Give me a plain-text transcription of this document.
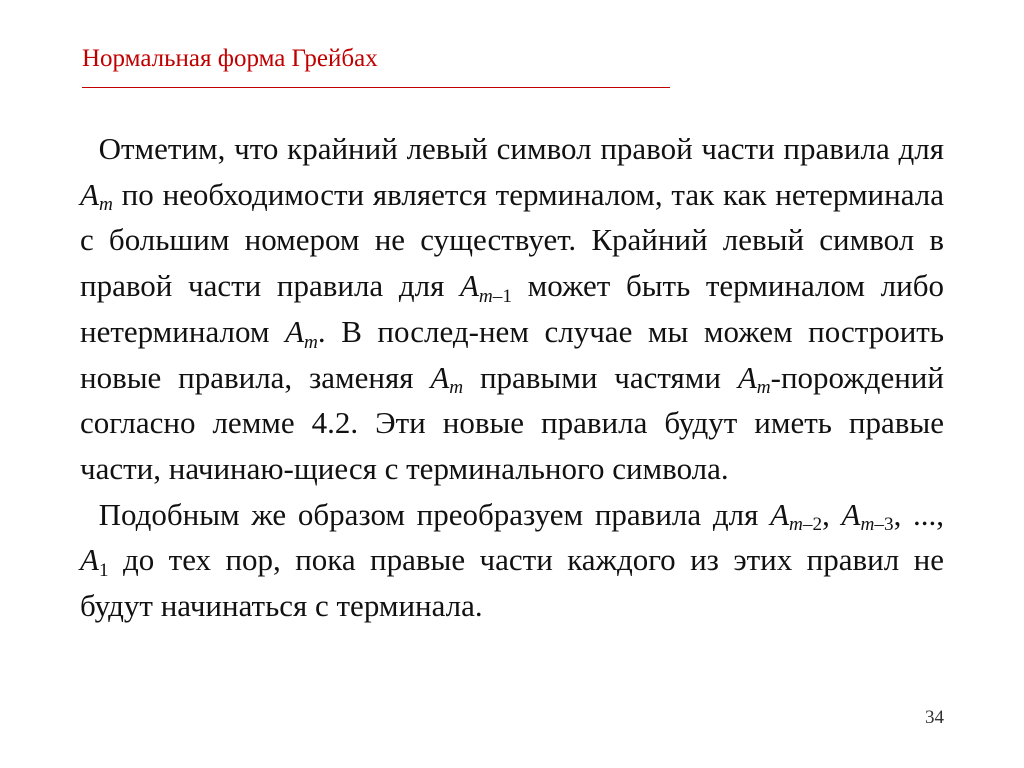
Нормальная форма Грейбах

Отметим, что крайний левый символ правой части правила для Am по необходимости является терминалом, так как нетерминала с большим номером не существует. Крайний левый символ в правой части правила для Am–1 может быть терминалом либо нетерминалом Am. В послед-нем случае мы можем построить новые правила, заменяя Am правыми частями Am-порождений согласно лемме 4.2. Эти новые правила будут иметь правые части, начинаю-щиеся с терминального символа.

Подобным же образом преобразуем правила для Am–2, Am–3, ..., A1 до тех пор, пока правые части каждого из этих правил не будут начинаться с терминала.

34
